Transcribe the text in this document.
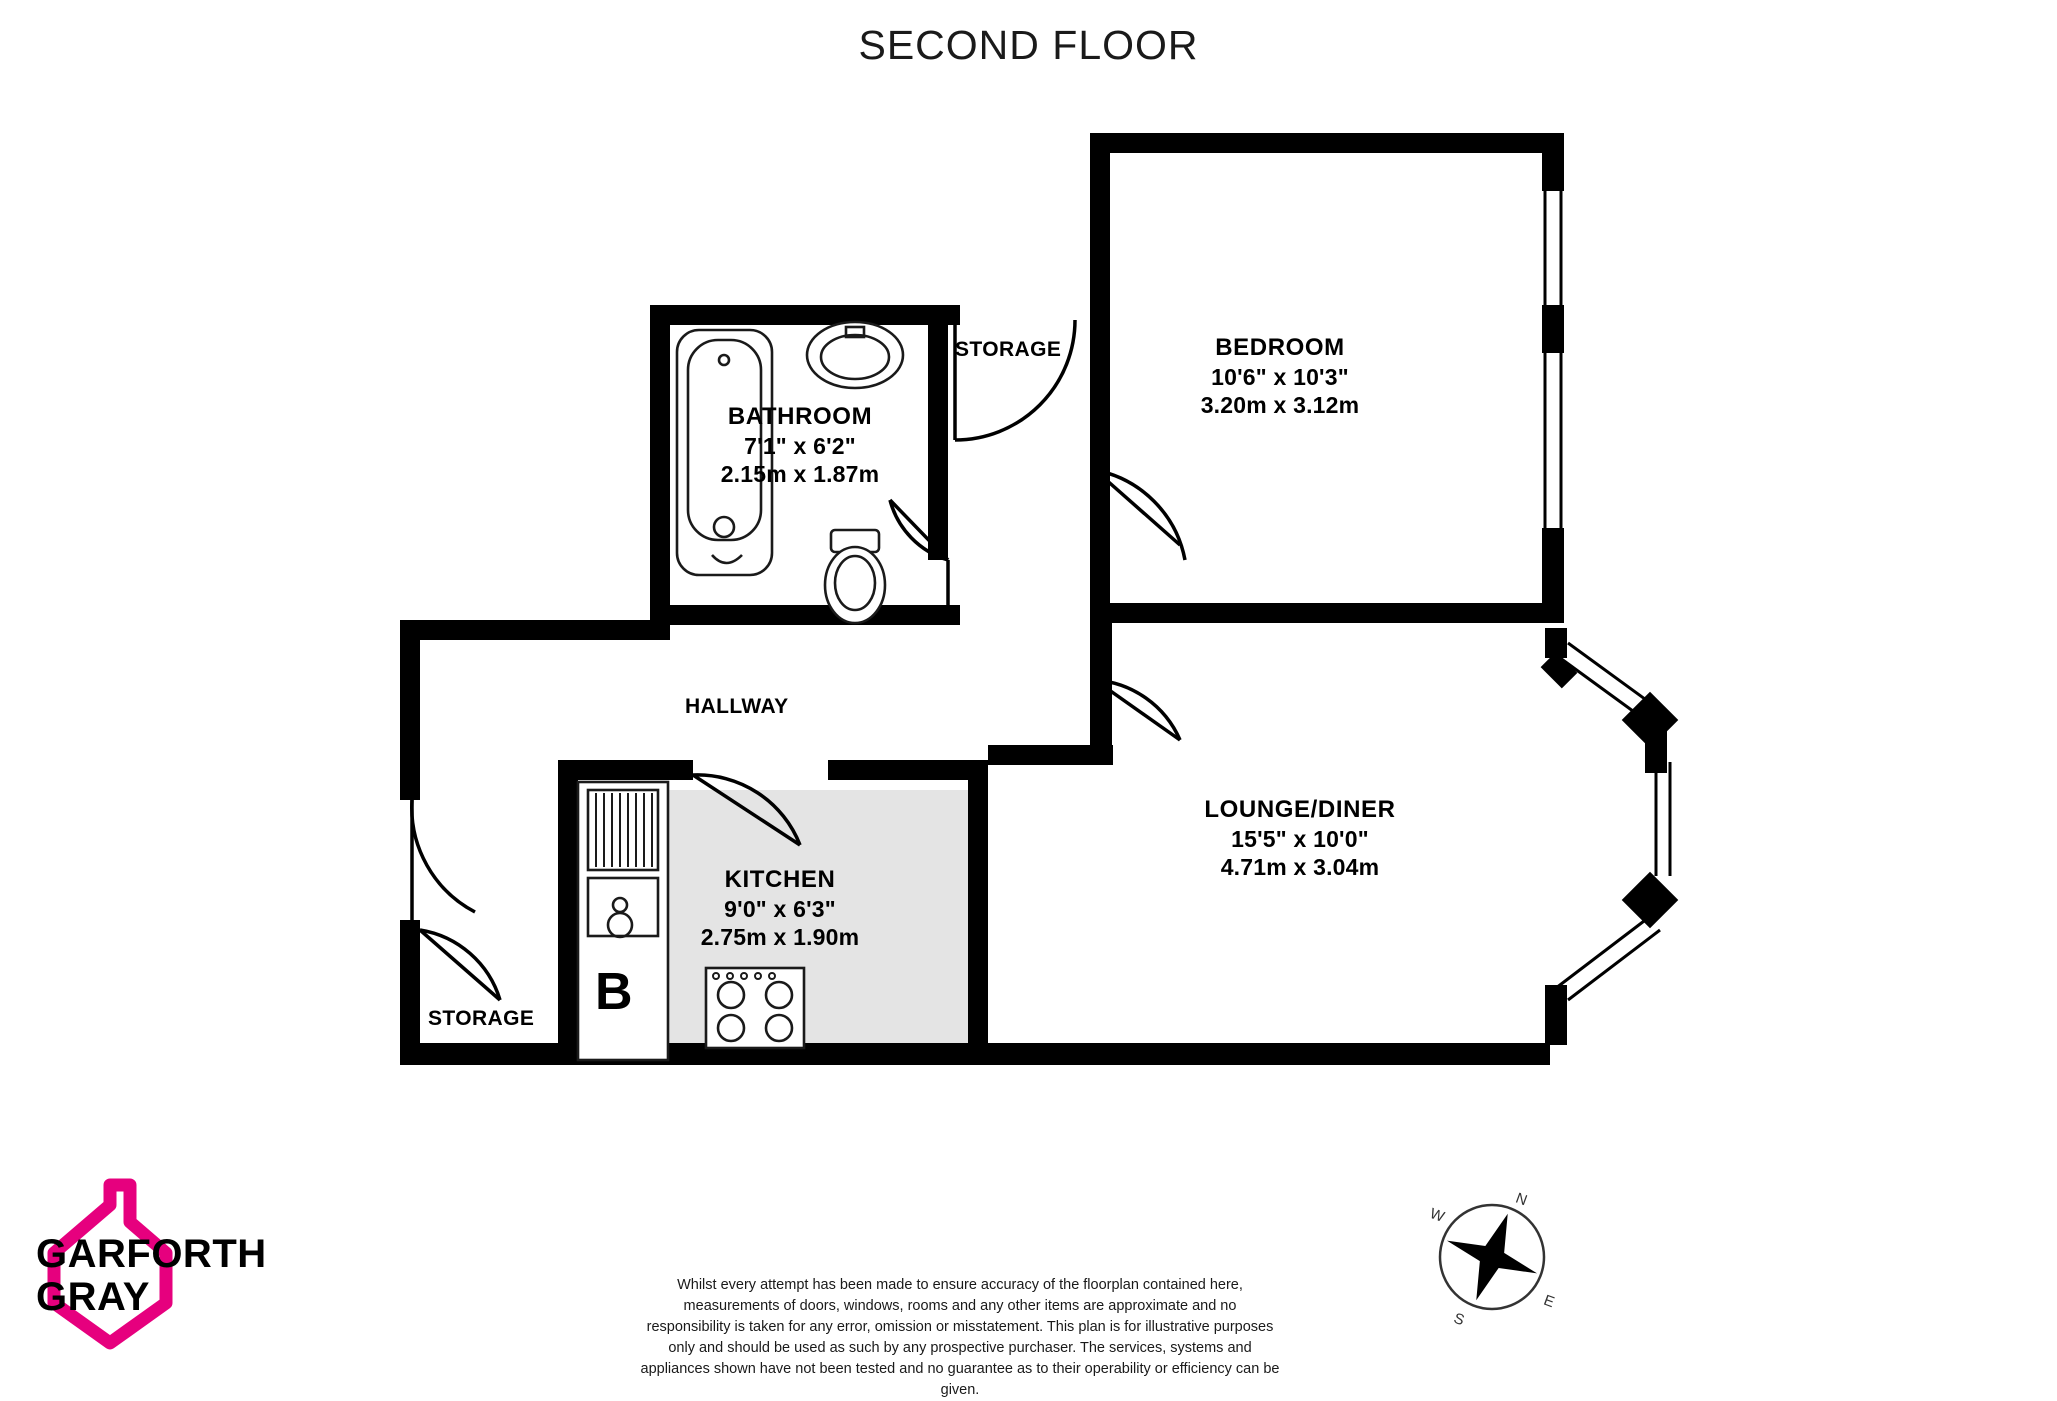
SECOND FLOOR
BEDROOM
10'6" x 10'3"
3.20m x 3.12m
BATHROOM
7'1" x 6'2"
2.15m x 1.87m
LOUNGE/DINER
15'5" x 10'0"
4.71m x 3.04m
KITCHEN
9'0" x 6'3"
2.75m x 1.90m
STORAGE
HALLWAY
STORAGE B
GARFORTH
GRAY
N
E
S
W
Whilst every attempt has been made to ensure accuracy of the floorplan contained here, measurements of doors, windows, rooms and any other items are approximate and no responsibility is taken for any error, omission or misstatement. This plan is for illustrative purposes only and should be used as such by any prospective purchaser. The services, systems and appliances shown have not been tested and no guarantee as to their operability or efficiency can be given.
